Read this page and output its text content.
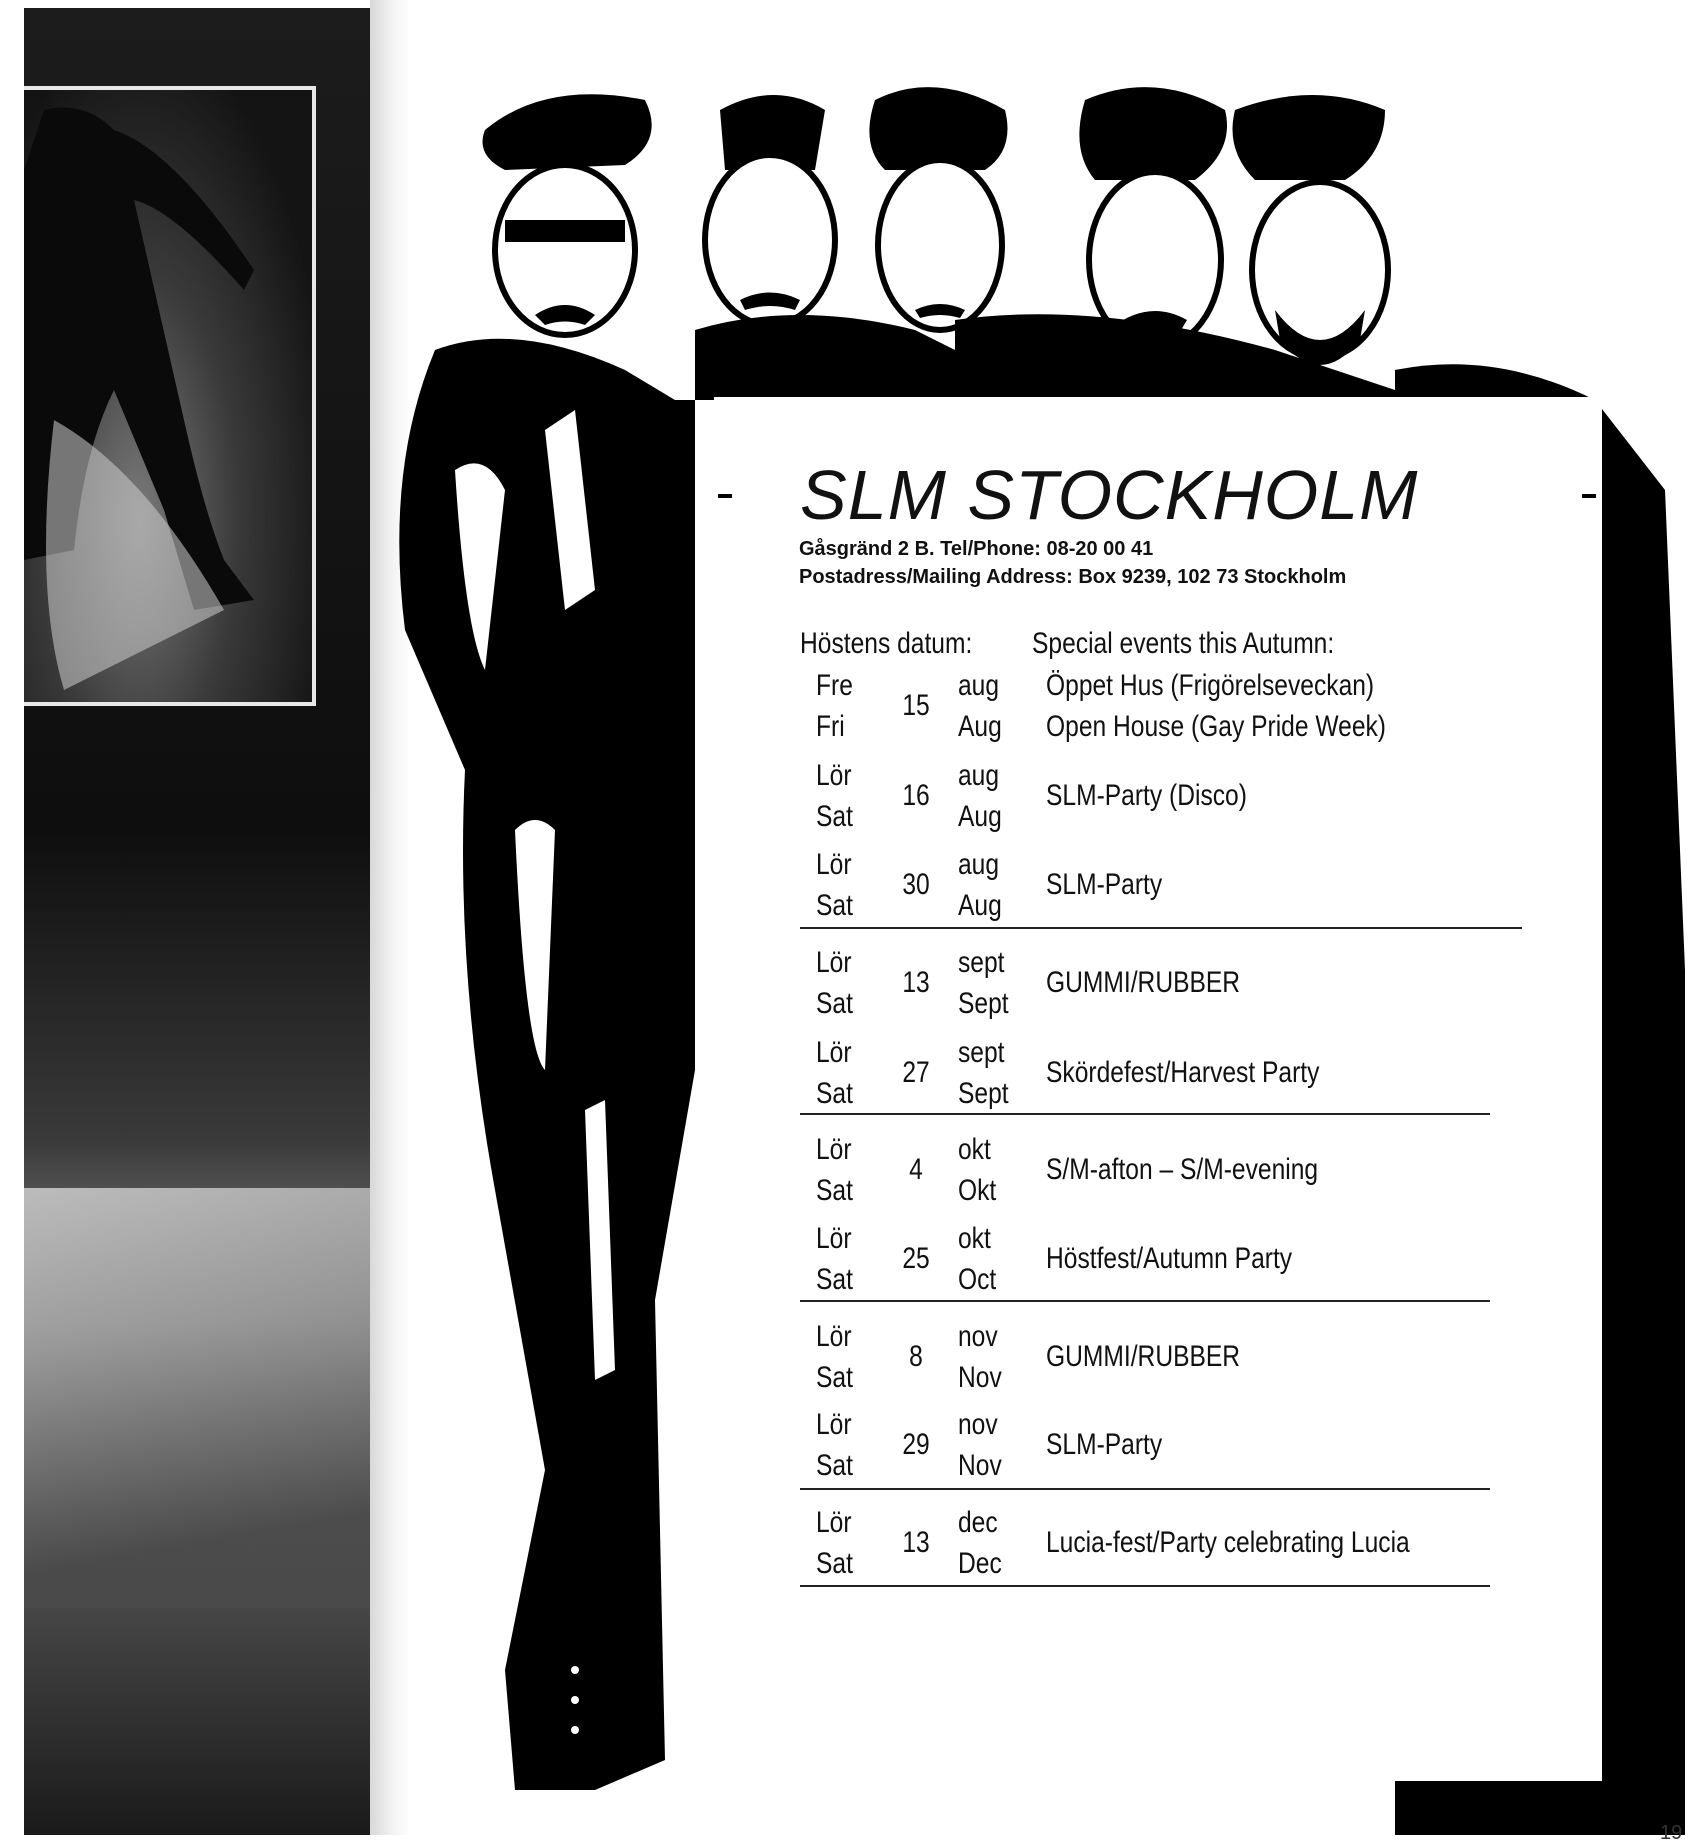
SLM STOCKHOLM
Gåsgränd 2 B. Tel/Phone: 08-20 00 41
Postadress/Mailing Address: Box 9239, 102 73 Stockholm
Höstens datum: Special events this Autumn:
Fre
Fri
15
aug
Aug
Öppet Hus (Frigörelseveckan)
Open House (Gay Pride Week)
Lör
Sat
16
aug
Aug
SLM-Party (Disco)
Lör
Sat
30
aug
Aug
SLM-Party
Lör
Sat
13
sept
Sept
GUMMI/RUBBER
Lör
Sat
27
sept
Sept
Skördefest/Harvest Party
Lör
Sat
4
okt
Okt
S/M-afton – S/M-evening
Lör
Sat
25
okt
Oct
Höstfest/Autumn Party
Lör
Sat
8
nov
Nov
GUMMI/RUBBER
Lör
Sat
29
nov
Nov
SLM-Party
Lör
Sat
13
dec
Dec
Lucia-fest/Party celebrating Lucia
19
